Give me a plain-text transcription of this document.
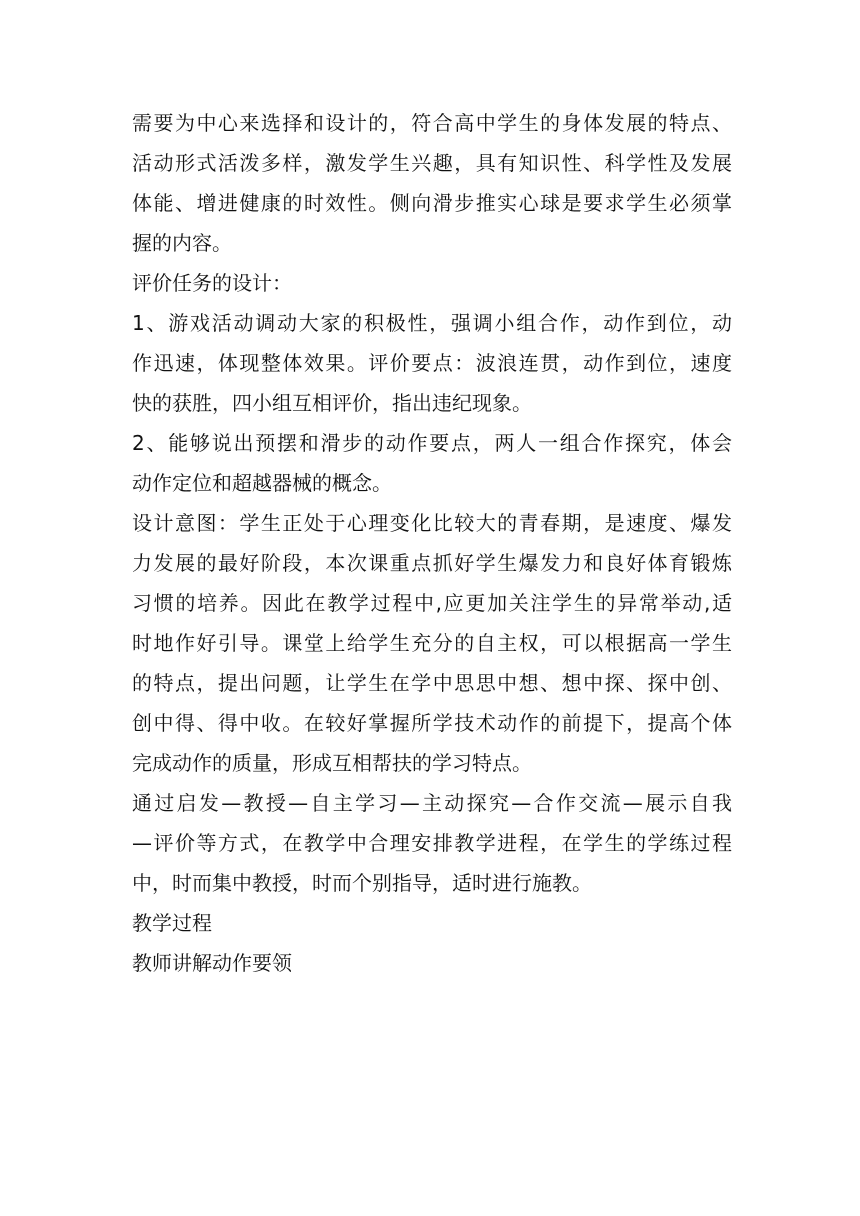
需要为中心来选择和设计的，符合高中学生的身体发展的特点、
活动形式活泼多样，激发学生兴趣，具有知识性、科学性及发展
体能、增进健康的时效性。侧向滑步推实心球是要求学生必须掌
握的内容。
评价任务的设计：
1、游戏活动调动大家的积极性，强调小组合作，动作到位，动
作迅速，体现整体效果。评价要点：波浪连贯，动作到位，速度
快的获胜，四小组互相评价，指出违纪现象。
2、能够说出预摆和滑步的动作要点，两人一组合作探究，体会
动作定位和超越器械的概念。
设计意图：学生正处于心理变化比较大的青春期，是速度、爆发
力发展的最好阶段，本次课重点抓好学生爆发力和良好体育锻炼
习惯的培养。因此在教学过程中,应更加关注学生的异常举动,适
时地作好引导。课堂上给学生充分的自主权，可以根据高一学生
的特点，提出问题，让学生在学中思思中想、想中探、探中创、
创中得、得中收。在较好掌握所学技术动作的前提下，提高个体
完成动作的质量，形成互相帮扶的学习特点。
通过启发—教授—自主学习—主动探究—合作交流—展示自我
—评价等方式，在教学中合理安排教学进程，在学生的学练过程
中，时而集中教授，时而个别指导，适时进行施教。
教学过程
教师讲解动作要领
